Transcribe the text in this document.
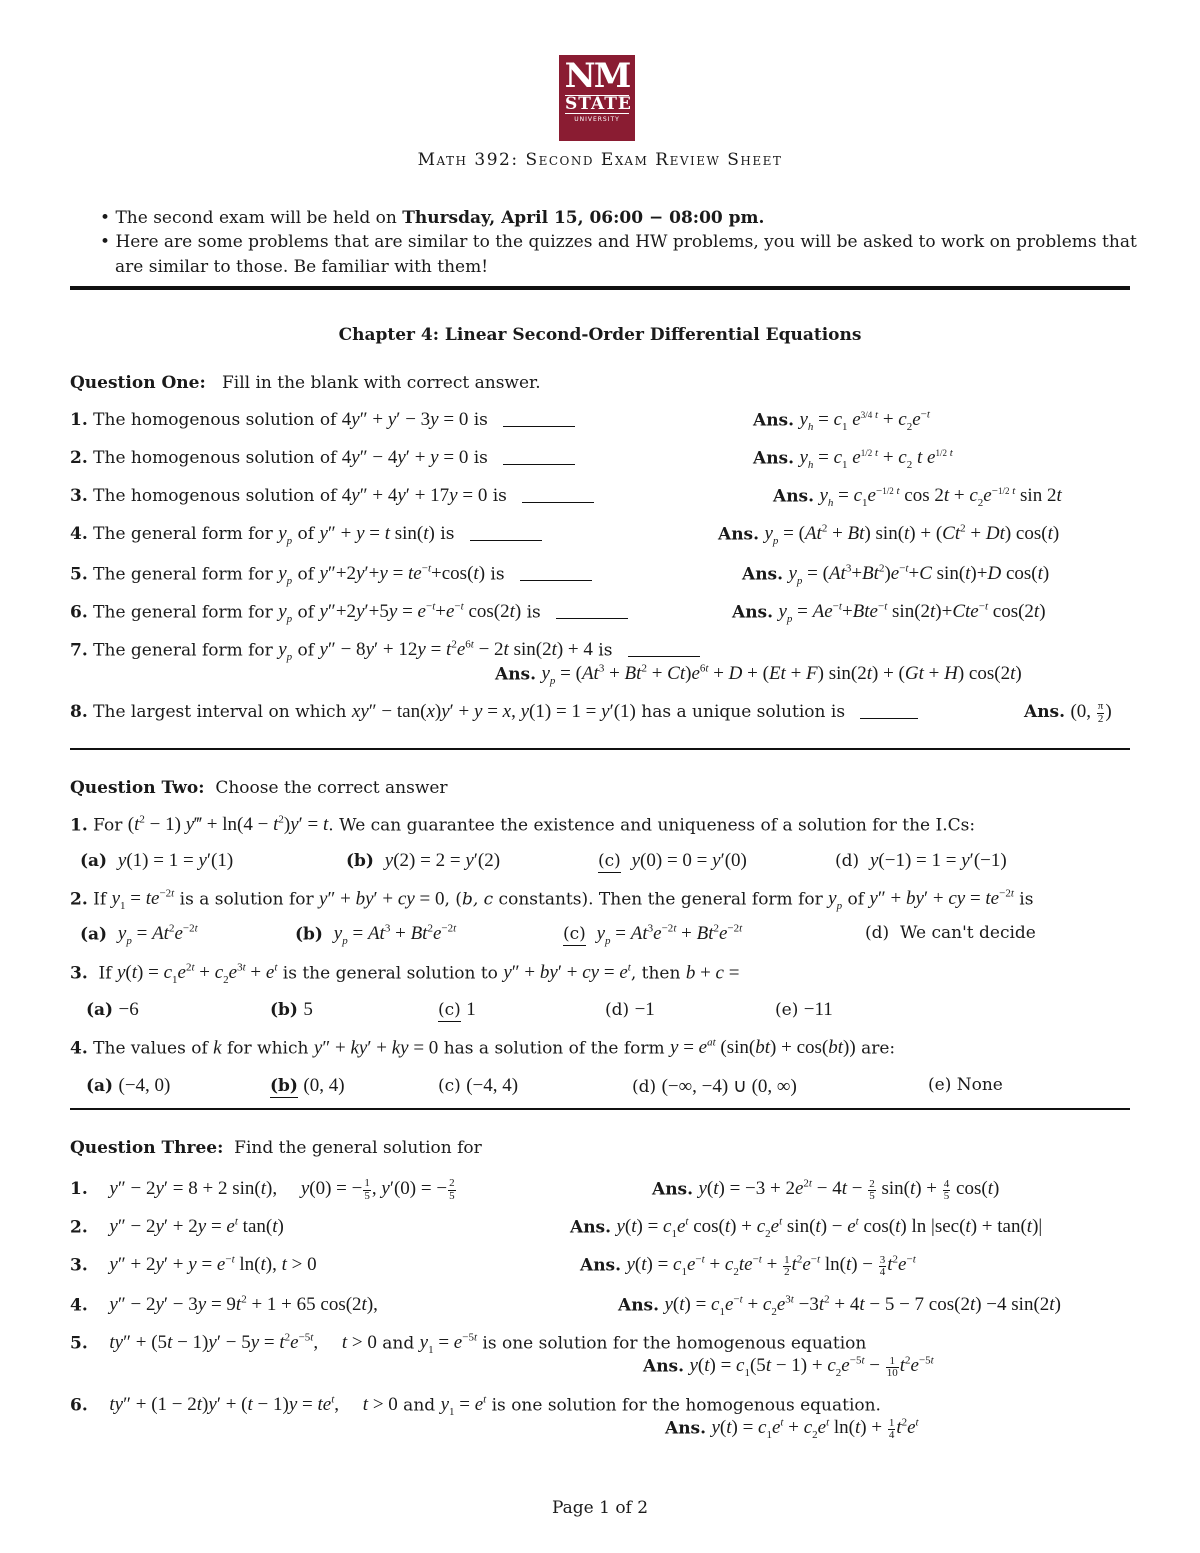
NM
STATE
UNIVERSITY
Math 392: Second Exam Review Sheet
• The second exam will be held on Thursday, April 15, 06:00 − 08:00 pm.
• Here are some problems that are similar to the quizzes and HW problems, you will be asked to work on problems that
are similar to those. Be familiar with them!
Chapter 4: Linear Second-Order Differential Equations
Question One: Fill in the blank with correct answer.
1. The homogenous solution of 4y″ + y′ − 3y = 0 is	Ans. $y_h = c_1$ $e^{3/4 t} + c_2e^{-t}$
2. The homogenous solution of 4y″ − 4y′ + y = 0 is	Ans. $y_h = c_1$ $e^{1/2 t} + c_2$ t $e^{1/2 t}$
3. The homogenous solution of 4y″ + 4y′ + 17y = 0 is	Ans. $y_h = c_1e^{-1/2 t}$ $\cos 2t + c_2e^{-1/2 t}$ sin 2t
4. The general form for $y_p$ of y″ + y = t sin(t) is	Ans. $y_p = (At^2 + Bt) \sin(t) + (Ct^2 + Dt)$ cos(t)
5. The general form for $y_p$ of $y''+2y'+y = te^{-t}+\cos(t)$ is	Ans. $y_p = (At^3+Bt^2)e^{-t}+C$ sin(t)+D cos(t)
6. The general form for $y_p$ of $y''+2y'+5y = e^{-t}+e^{-t}$ cos(2t) is	Ans. $y_p = Ae^{-t}+Bte^{-t}$ sin(2t)+Cte$^{-t}$ cos(2t)
7. The general form for $y_p$ of $y'' - 8y' + 12y = t^2e^{6t} - 2t$ sin(2t) + 4 is
Ans. $y_p = (At^3 + Bt^2 + Ct)e^{6t} + D + (Et + F) \sin(2t) + (Gt + H)$ cos(2t)
8. The largest interval on which xy″ − tan(x)y′ + y = x, y(1) = 1 = y′(1) has a unique solution is	Ans. (0, $\frac{\pi}{2}$ )
Question Two: Choose the correct answer
1. For $(t^2 - 1)$ y‴ + $\ln(4 - t^2)y' = t$. We can guarantee the existence and uniqueness of a solution for the I.Cs:
(a) y(1) = 1 = y′(1)	(b) y(2) = 2 = y′(2)	(c) y(0) = 0 = y′(0)	(d)  y(−1) = 1 = y′(−1)
2. If $y_1 = te^{-2t}$ is a solution for y″ + by′ + cy = 0, (b, c constants). Then the general form for $y_p$ of y″ + by′ + cy = $te^{-2t}$ is
(a) $y_p = At^2e^{-2t}$	(b) $y_p = At^3 + Bt^2e^{-2t}$	(c) $y_p = At^3e^{-2t} + Bt^2e^{-2t}$	(d)  We can't decide
3.  If $y(t) = c_1e^{2t} + c_2e^{3t} + e^t$ is the general solution to y″ + by′ + cy = $e^t$, then b + c =
(a) −6	(b) 5	(c) 1	(d) −1	(e) −11
4. The values of k for which y″ + ky′ + ky = 0 has a solution of the form $y = e^{at}$ (sin(bt) + cos(bt)) are:
(a) (−4, 0)	(b) (0, 4)	(c) (−4, 4)	(d) (−∞, −4) ∪ (0, ∞)	(e) None
Question Three: Find the general solution for
1. y″ − 2y′ = 8 + 2 sin(t),     y(0) = − $\frac{1}{5}$ , y′(0) = − $\frac{2}{5}$	Ans. $y(t) = -3 + 2e^{2t} - 4t - \frac{2}{5} \sin(t) + \frac{4}{5} \cos(t)$
2. $y'' - 2y' + 2y = e^t$ tan(t)	Ans. $y(t) = c_1e^t$ $\cos(t) + c_2e^t$ $\sin(t) - e^t$ cos(t) ln |sec(t) + tan(t)|
3. $y'' + 2y' + y = e^{-t}$ ln(t), t > 0	Ans. $y(t) = c_1e^{-t} + c_2te^{-t} + \frac{1}{2} t^2e^{-t}$ $\ln(t) - \frac{3}{4} t^2e^{-t}$
4. $y'' - 2y' - 3y = 9t^2 + 1 + 65$ cos(2t),	Ans. $y(t) = c_1e^{-t} + c_2e^{3t} -3t^2 + 4t - 5 - 7$ cos(2t) −4 sin(2t)
5. $ty'' + (5t - 1)y' - 5y = t^2e^{-5t}$,     t > 0 and $y_1 = e^{-5t}$ is one solution for the homogenous equation
Ans. $y(t) = c_1(5t - 1) + c_2e^{-5t} - \frac{1}{10} t^2e^{-5t}$
6. $ty'' + (1 - 2t)y' + (t - 1)y = te^t$,     t > 0 and $y_1 = e^t$ is one solution for the homogenous equation.
Ans. $y(t) = c_1e^t + c_2e^t$ $\ln(t) + \frac{1}{4} t^2e^t$
Page 1 of 2
